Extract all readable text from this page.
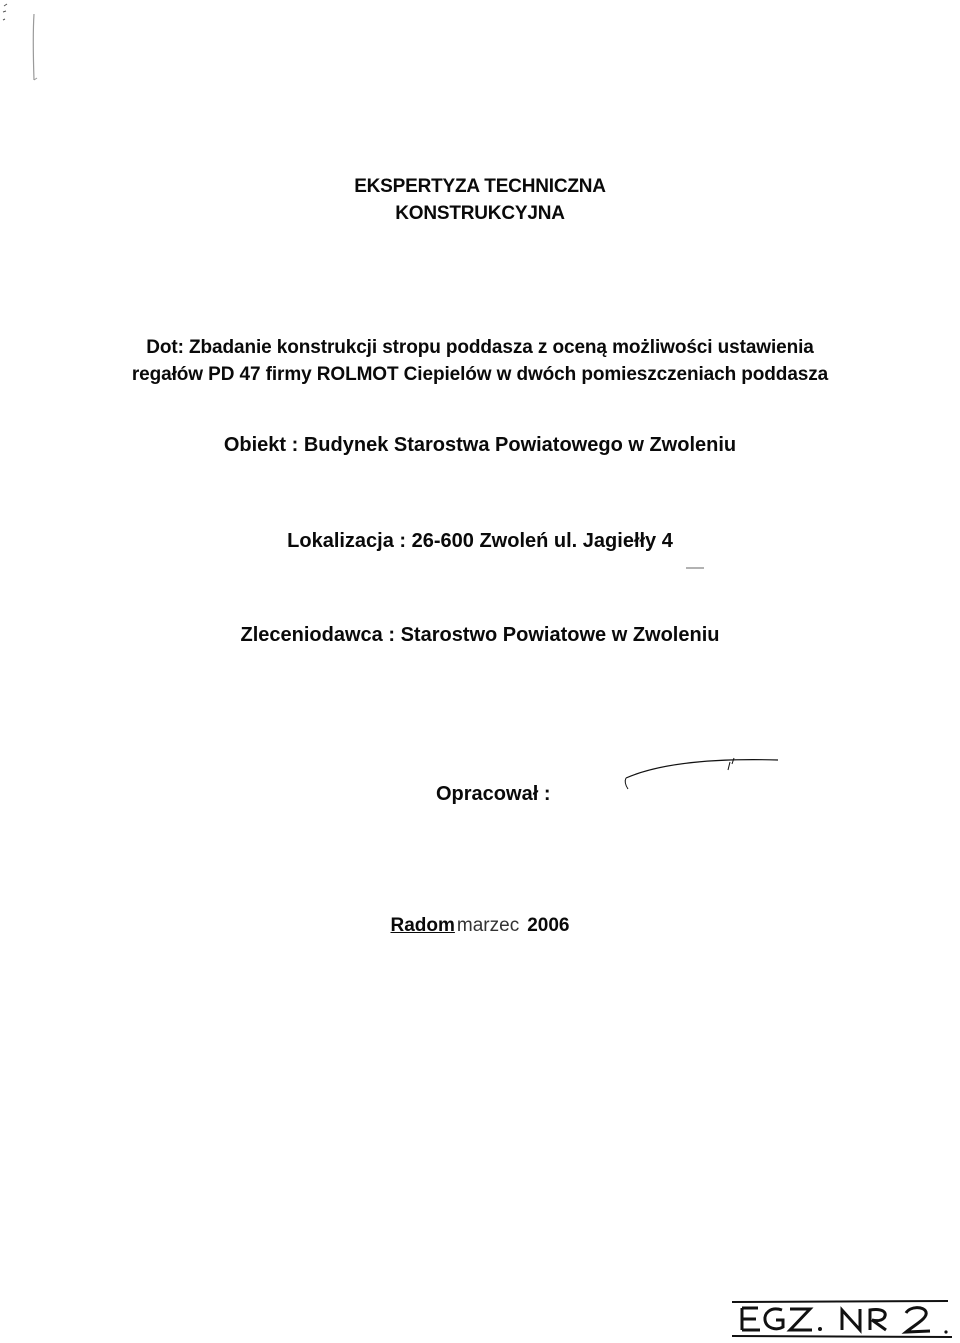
EKSPERTYZA TECHNICZNA
KONSTRUKCYJNA
Dot: Zbadanie konstrukcji stropu poddasza z oceną możliwości ustawienia
regałów PD 47 firmy ROLMOT Ciepielów w dwóch pomieszczeniach poddasza
Obiekt : Budynek Starostwa Powiatowego w Zwoleniu
Lokalizacja : 26-600 Zwoleń ul. Jagiełły 4
Zleceniodawca : Starostwo Powiatowe w Zwoleniu
Opracował :
Radom marzec 2006
